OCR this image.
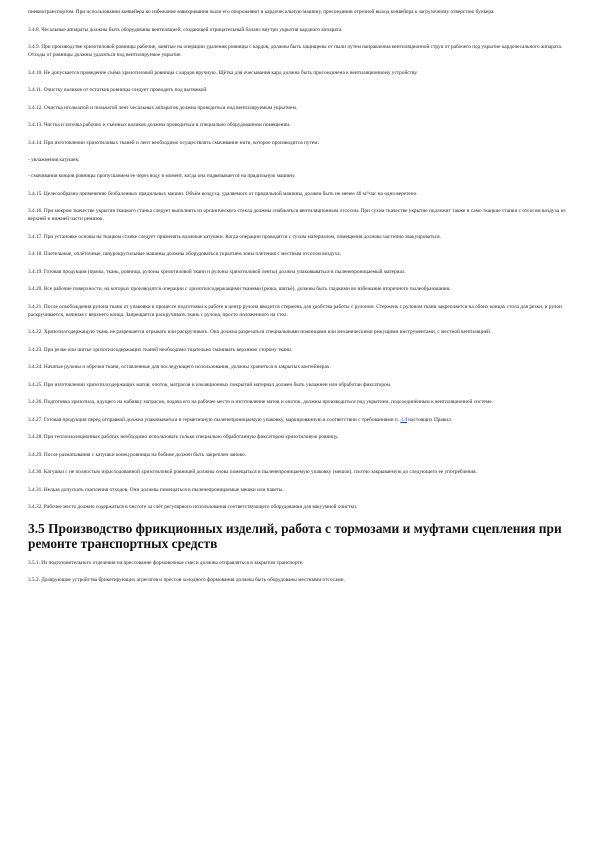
пневмотранспортом. При использовании конвейера во избежание взвихривания пыли его опорожняют в кардочесальную машину, присоединив отрезной выход конвейера к загрузочному отверстию бункера.

3.4.8. Чесальные аппараты должны быть оборудованы вентиляцией, создающей отрицательный баланс внутри укрытия кардного аппарата.

3.4.9. При производстве хризотиловой ровницы рабочие, занятые на операции удаления ровницы с кардов, должны быть защищены от пыли путем направления вентиляционной струи от рабочего под укрытие кардочесального аппарата. Отходы от ровницы должны удаляться под вентилируемое укрытие.

3.4.10. Не допускается проведение съёма хризотиловой ровницы с кардов вручную. Щётка для очесывания кард должна быть присоединена к вентиляционному устройству.

3.4.11. Очистку валиков от остатков ровницы следует проводить под вытяжкой.

3.4.12. Очистка игольчатой и пильчатой лент чесальных аппаратов должна проводиться под вентилируемым укрытием.

3.4.13. Чистка и заточка рабочих и съёмных валиков должны проводиться в специально оборудованном помещении.

3.4.14. При изготовлении хризотиловых тканей и лент необходимо осуществлять смачивание нити, которое производится путем:

- увлажнения катушек;

- смачивания концов ровницы пропусканием ее через воду в момент, когда она подвязывается на прядильную машину.

3.4.15. Целесообразно применение безбалонных прядильных машин. Объём воздуха, удаляемого от прядильной машины, должен быть не менее 40 м³/час на одно веретено.

3.4.16. При мокром ткачестве укрытия ткацкого станка следует выполнять из органического стекла должны снабжаться вентиляционным отсосом. При сухом ткачестве укрытие подлежит также и само ткацкие станки с отсосом воздуха из верхней и нижней части ремизок.

3.4.17. При установке основы на ткацком станке следует применять влажные катушки. Когда операции проводятся с сухим материалом, помещения должны частично эвакуироваться.

3.4.18. Плетельные, оплёточные, шнурокрутильные машины должны оборудоваться укрытием зоны плетения с местным отсосом воздуха.

3.4.19. Готовая продукция (пряжа, ткань, ровница, рулоны хризотиловой ткани и рулоны хризотиловой ленты) должна упаковываться в пыленепроницаемый материал.

3.4.20. Все рабочие поверхности, на которых производятся операции с хризотилсодержащими тканями (резка, шитьё), должны быть гладкими во избежание вторичного пылеобразования.

3.4.21. После освобождения рулона ткани от упаковки в процессе подготовки к работе в центр рулона вводится стержень для удобства работы с рулоном. Стержень с рулоном ткани закрепляется на обоих концах стола для резки, и рулон раскручивается, начиная с верхнего конца. Запрещается раскручивать ткань с рулона, просто положенного на стол.

3.4.22. Хризотилсодержащую ткань не разрешается отрывать или раскручивать. Она должна разрезаться специальными ножницами или механическими режущими инструментами, с местной вентиляцией.

3.4.23. При резке или шитье хризотилсодержащих тканей необходимо тщательно смачивать верхнюю сторону ткани.

3.4.24. Начатые рулоны и обрезки ткани, оставленные для последующего использования, должны храниться в закрытых контейнерах.

3.4.25. При изготовлении хризотилсодержащих матов, опоток, матрасов и изоляционных покрытий материал должен быть увлажнен или обработан фиксатором.

3.4.26. Подготовка хризотила, идущего на набивку матрасов, подача его на рабочее место и изготовление матов и опоток, должны производиться под укрытием, подсоединённым к вентиляционной системе.

3.4.27. Готовая продукция перед отправкой должна упаковываться в герметичную пыленепроницаемую упаковку, маркированную в соответствии с требованиями п. 3.4 настоящих Правил.

3.4.28. При теплоизоляционных работах необходимо использовать только специально обработанную фиксатором хризотиловую ровницу.

3.4.29. После разматывания с катушки конец ровницы на бобине должен быть закреплен заново.

3.4.30. Катушки с не полностью израсходованной хризотиловой ровницей должны снова помещаться в пыленепроницаемую упаковку (мешок), плотно закрываемую до следующего ее употребления.

3.4.31. Нельзя допускать скопления отходов. Они должны помещаться в пыленепроницаемые мешки или пакеты.

3.4.32. Рабочее место должно содержаться в чистоте за счёт регулярного использования соответствующего оборудования для вакуумной очистки.

3.5 Производство фрикционных изделий, работа с тормозами и муфтами сцепления при ремонте транспортных средств

3.5.1. Из подготовительного отделения на прессование формовочные смеси должны отправляться в закрытом транспорте.

3.5.2. Дозирующие устройства брикетирующих агрегатов и прессов холодного формования должны быть оборудованы местными отсосами.
